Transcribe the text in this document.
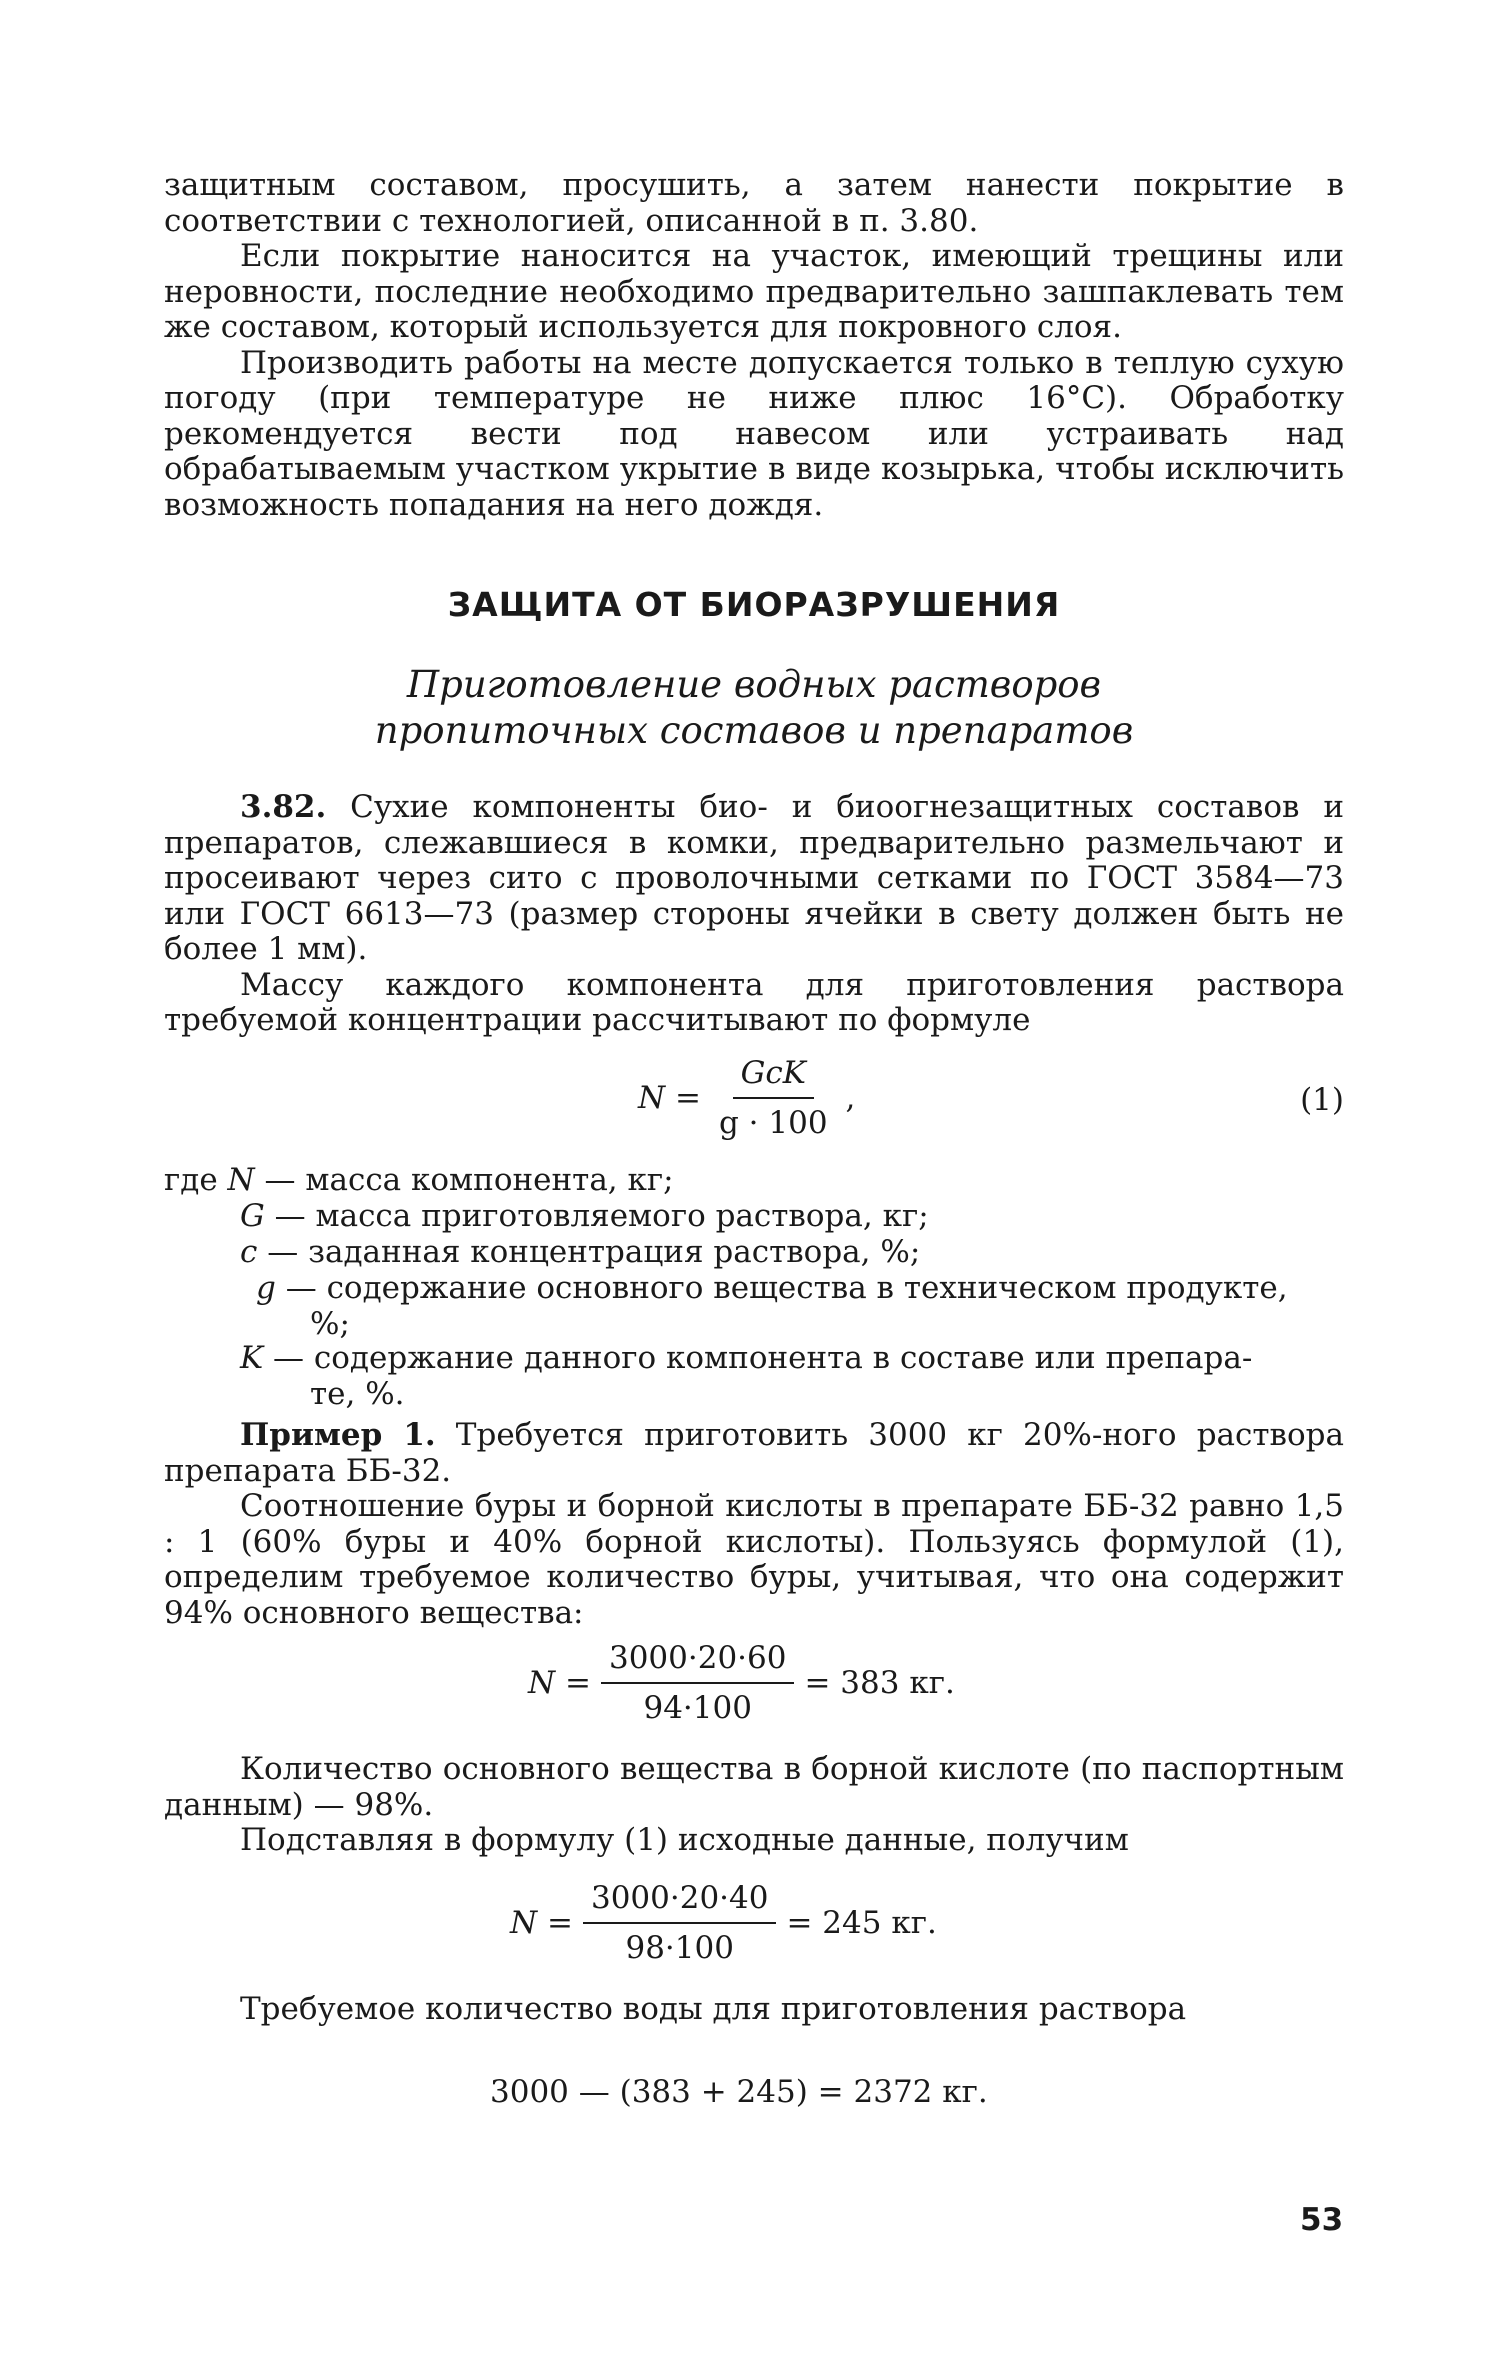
защитным составом, просушить, а затем нанести покрытие в соответствии с технологией, описанной в п. 3.80.

Если покрытие наносится на участок, имеющий трещины или неровности, последние необходимо предварительно зашпаклевать тем же составом, который используется для покровного слоя.

Производить работы на месте допускается только в теплую сухую погоду (при температуре не ниже плюс 16°С). Обработку рекомендуется вести под навесом или устраивать над обрабатываемым участком укрытие в виде козырька, чтобы исключить возможность попадания на него дождя.

ЗАЩИТА ОТ БИОРАЗРУШЕНИЯ
Приготовление водных растворов
пропиточных составов и препаратов

3.82. Сухие компоненты био- и биоогнезащитных составов и препаратов, слежавшиеся в комки, предварительно размельчают и просеивают через сито с проволочными сетками по ГОСТ 3584—73 или ГОСТ 6613—73 (размер стороны ячейки в свету должен быть не более 1 мм).

Массу каждого компонента для приготовления раствора требуемой концентрации рассчитывают по формуле

$N = \frac{\text{GcK}}{g \cdot 100}$ ,	(1)
где N — масса компонента, кг;
G — масса приготовляемого раствора, кг;
c — заданная концентрация раствора, %;
g — содержание основного вещества в техническом продукте,
%;
K — содержание данного компонента в составе или препара-
те, %.

Пример 1. Требуется приготовить 3000 кг 20%-ного раствора препарата ББ-32.

Соотношение буры и борной кислоты в препарате ББ-32 равно 1,5 : 1 (60% буры и 40% борной кислоты). Пользуясь формулой (1), определим требуемое количество буры, учитывая, что она содержит 94% основного вещества:

$N = \frac{3000\cdot 20\cdot 60}{94\cdot 100} = 383$ кг.

Количество основного вещества в борной кислоте (по паспортным данным) — 98%.

Подставляя в формулу (1) исходные данные, получим

$N = \frac{3000\cdot 20\cdot 40}{98\cdot 100} = 245$ кг.

Требуемое количество воды для приготовления раствора

3000 — (383 + 245) = 2372 кг.
53
